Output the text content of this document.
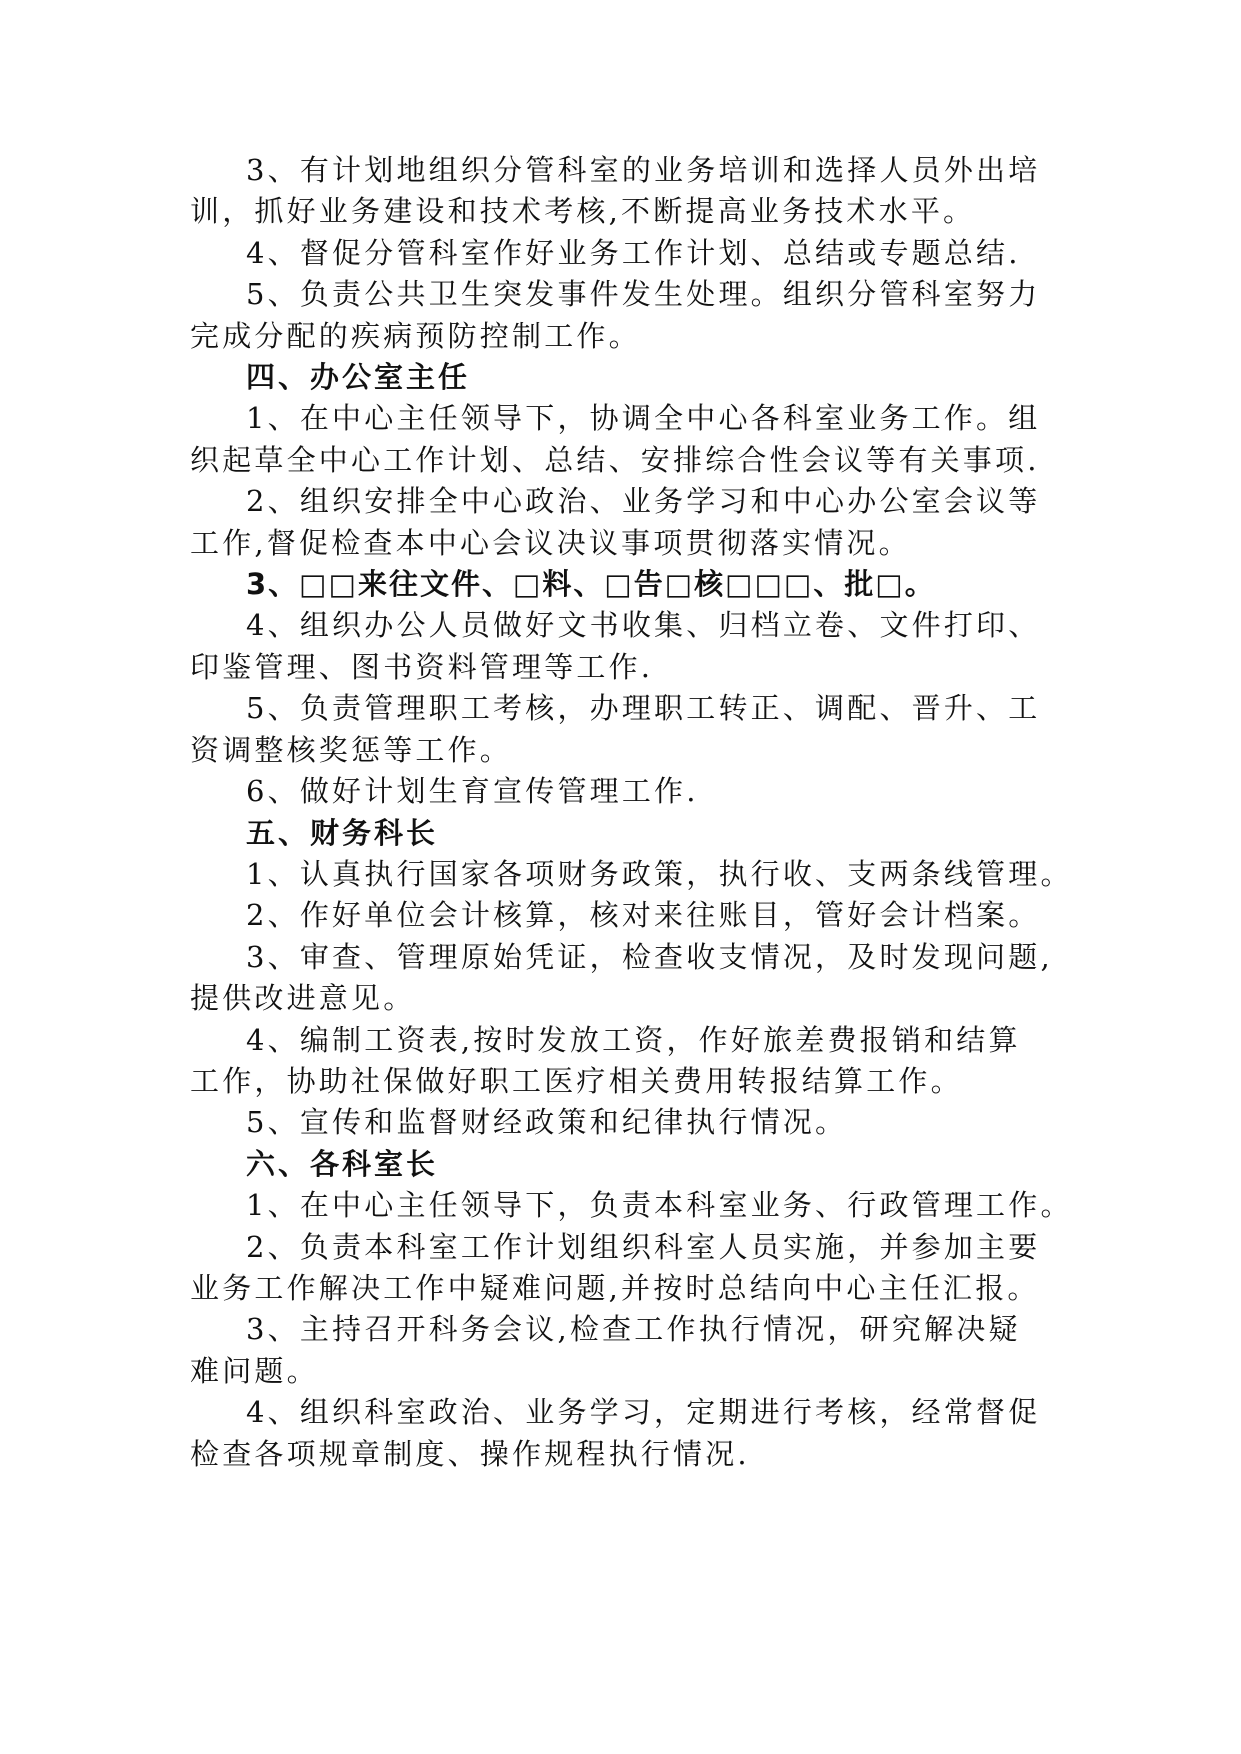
3、有计划地组织分管科室的业务培训和选择人员外出培
训，抓好业务建设和技术考核,不断提高业务技术水平。
4、督促分管科室作好业务工作计划、总结或专题总结.
5、负责公共卫生突发事件发生处理。组织分管科室努力
完成分配的疾病预防控制工作。
四、办公室主任
1、在中心主任领导下，协调全中心各科室业务工作。组
织起草全中心工作计划、总结、安排综合性会议等有关事项.
2、组织安排全中心政治、业务学习和中心办公室会议等
工作,督促检查本中心会议决议事项贯彻落实情况。
3、□□来往文件、□料、□告□核□□□、批□。
4、组织办公人员做好文书收集、归档立卷、文件打印、
印鉴管理、图书资料管理等工作.
5、负责管理职工考核，办理职工转正、调配、晋升、工
资调整核奖惩等工作。
6、做好计划生育宣传管理工作.
五、财务科长
1、认真执行国家各项财务政策，执行收、支两条线管理。
2、作好单位会计核算，核对来往账目，管好会计档案。
3、审查、管理原始凭证，检查收支情况，及时发现问题,
提供改进意见。
4、编制工资表,按时发放工资，作好旅差费报销和结算
工作，协助社保做好职工医疗相关费用转报结算工作。
5、宣传和监督财经政策和纪律执行情况。
六、各科室长
1、在中心主任领导下，负责本科室业务、行政管理工作。
2、负责本科室工作计划组织科室人员实施，并参加主要
业务工作解决工作中疑难问题,并按时总结向中心主任汇报。
3、主持召开科务会议,检查工作执行情况，研究解决疑
难问题。
4、组织科室政治、业务学习，定期进行考核，经常督促
检查各项规章制度、操作规程执行情况.
